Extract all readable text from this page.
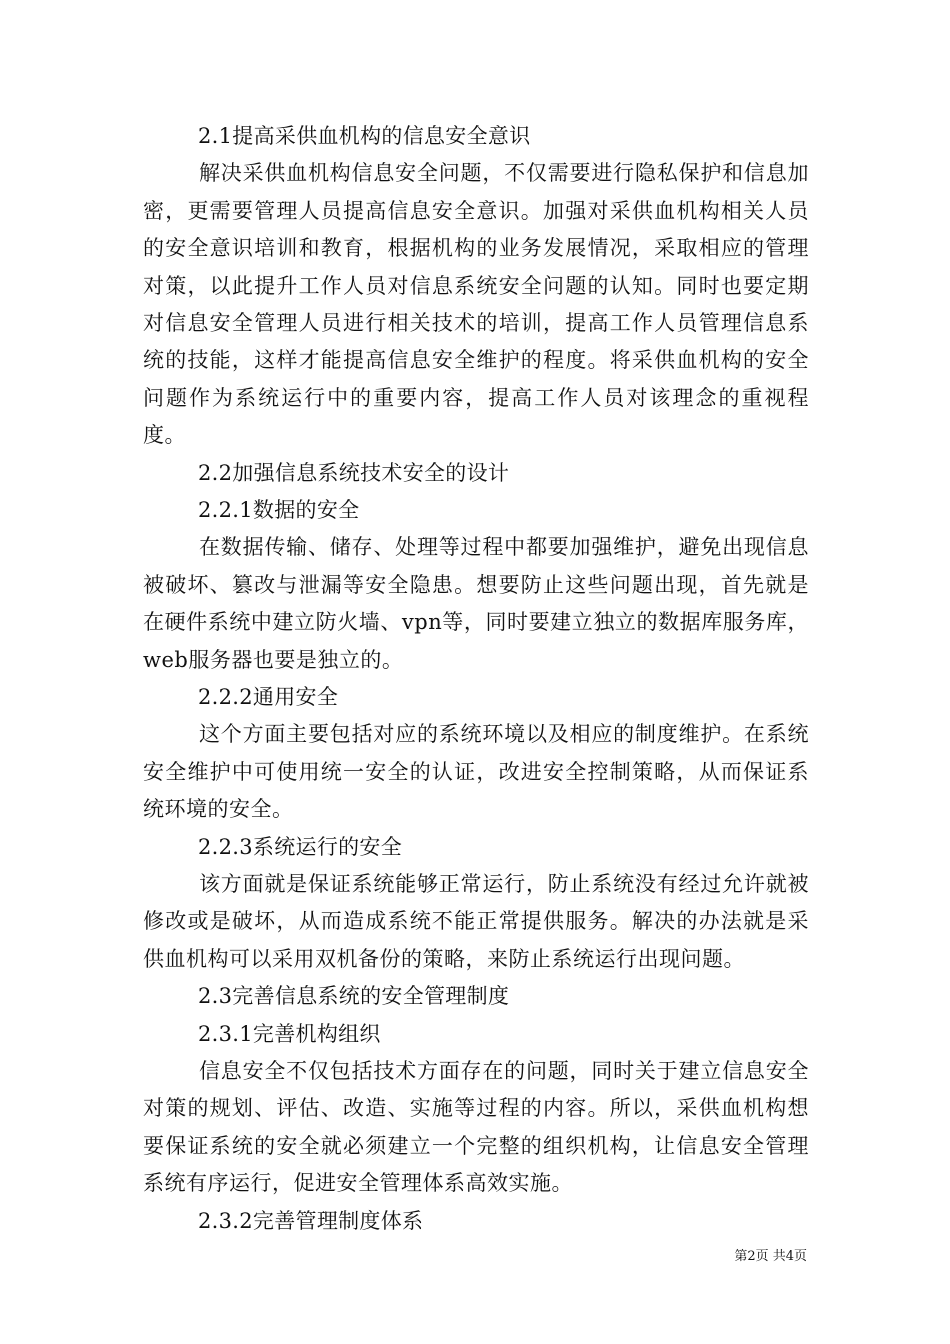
2.1提高采供血机构的信息安全意识
解决采供血机构信息安全问题，不仅需要进行隐私保护和信息加密，更需要管理人员提高信息安全意识。加强对采供血机构相关人员的安全意识培训和教育，根据机构的业务发展情况，采取相应的管理对策，以此提升工作人员对信息系统安全问题的认知。同时也要定期对信息安全管理人员进行相关技术的培训，提高工作人员管理信息系统的技能，这样才能提高信息安全维护的程度。将采供血机构的安全问题作为系统运行中的重要内容，提高工作人员对该理念的重视程度。
2.2加强信息系统技术安全的设计
2.2.1数据的安全
在数据传输、储存、处理等过程中都要加强维护，避免出现信息被破坏、篡改与泄漏等安全隐患。想要防止这些问题出现，首先就是在硬件系统中建立防火墙、vpn等，同时要建立独立的数据库服务库，web服务器也要是独立的。
2.2.2通用安全
这个方面主要包括对应的系统环境以及相应的制度维护。在系统安全维护中可使用统一安全的认证，改进安全控制策略，从而保证系统环境的安全。
2.2.3系统运行的安全
该方面就是保证系统能够正常运行，防止系统没有经过允许就被修改或是破坏，从而造成系统不能正常提供服务。解决的办法就是采供血机构可以采用双机备份的策略，来防止系统运行出现问题。
2.3完善信息系统的安全管理制度
2.3.1完善机构组织
信息安全不仅包括技术方面存在的问题，同时关于建立信息安全对策的规划、评估、改造、实施等过程的内容。所以，采供血机构想要保证系统的安全就必须建立一个完整的组织机构，让信息安全管理系统有序运行，促进安全管理体系高效实施。
2.3.2完善管理制度体系
第2页 共4页
